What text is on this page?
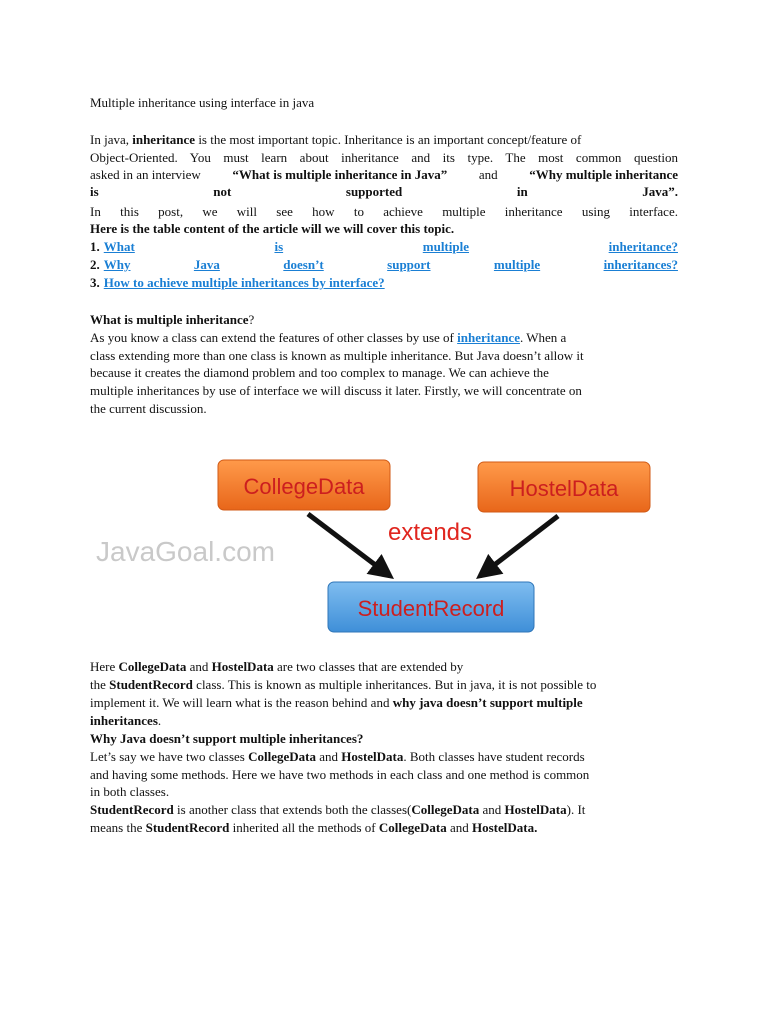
Multiple inheritance using interface in java
In java, inheritance is the most important topic. Inheritance is an important concept/feature of
Object-Oriented. You must learn about inheritance and its type. The most common question
asked in an interview “What is multiple inheritance in Java” and “Why multiple inheritance
is	not	supported	in	Java”.
In this post, we will see how to achieve multiple inheritance using interface.
Here is the table content of the article will we will cover this topic.
1. What	is	multiple	inheritance?
2. Why	Java	doesn’t	support	multiple	inheritances?
3. How to achieve multiple inheritances by interface?
What is multiple inheritance?
As you know a class can extend the features of other classes by use of inheritance. When a
class extending more than one class is known as multiple inheritance. But Java doesn’t allow it
because it creates the diamond problem and too complex to manage. We can achieve the
multiple inheritances by use of interface we will discuss it later. Firstly, we will concentrate on
the current discussion.
Here CollegeData and HostelData are two classes that are extended by
the StudentRecord class. This is known as multiple inheritances. But in java, it is not possible to
implement it. We will learn what is the reason behind and why java doesn’t support multiple
inheritances.
Why Java doesn’t support multiple inheritances?
Let’s say we have two classes CollegeData and HostelData. Both classes have student records
and having some methods. Here we have two methods in each class and one method is common
in both classes.
StudentRecord is another class that extends both the classes(CollegeData and HostelData). It
means the StudentRecord inherited all the methods of CollegeData and HostelData.
JavaGoal.com
CollegeData	HostelData
extends
StudentRecord
